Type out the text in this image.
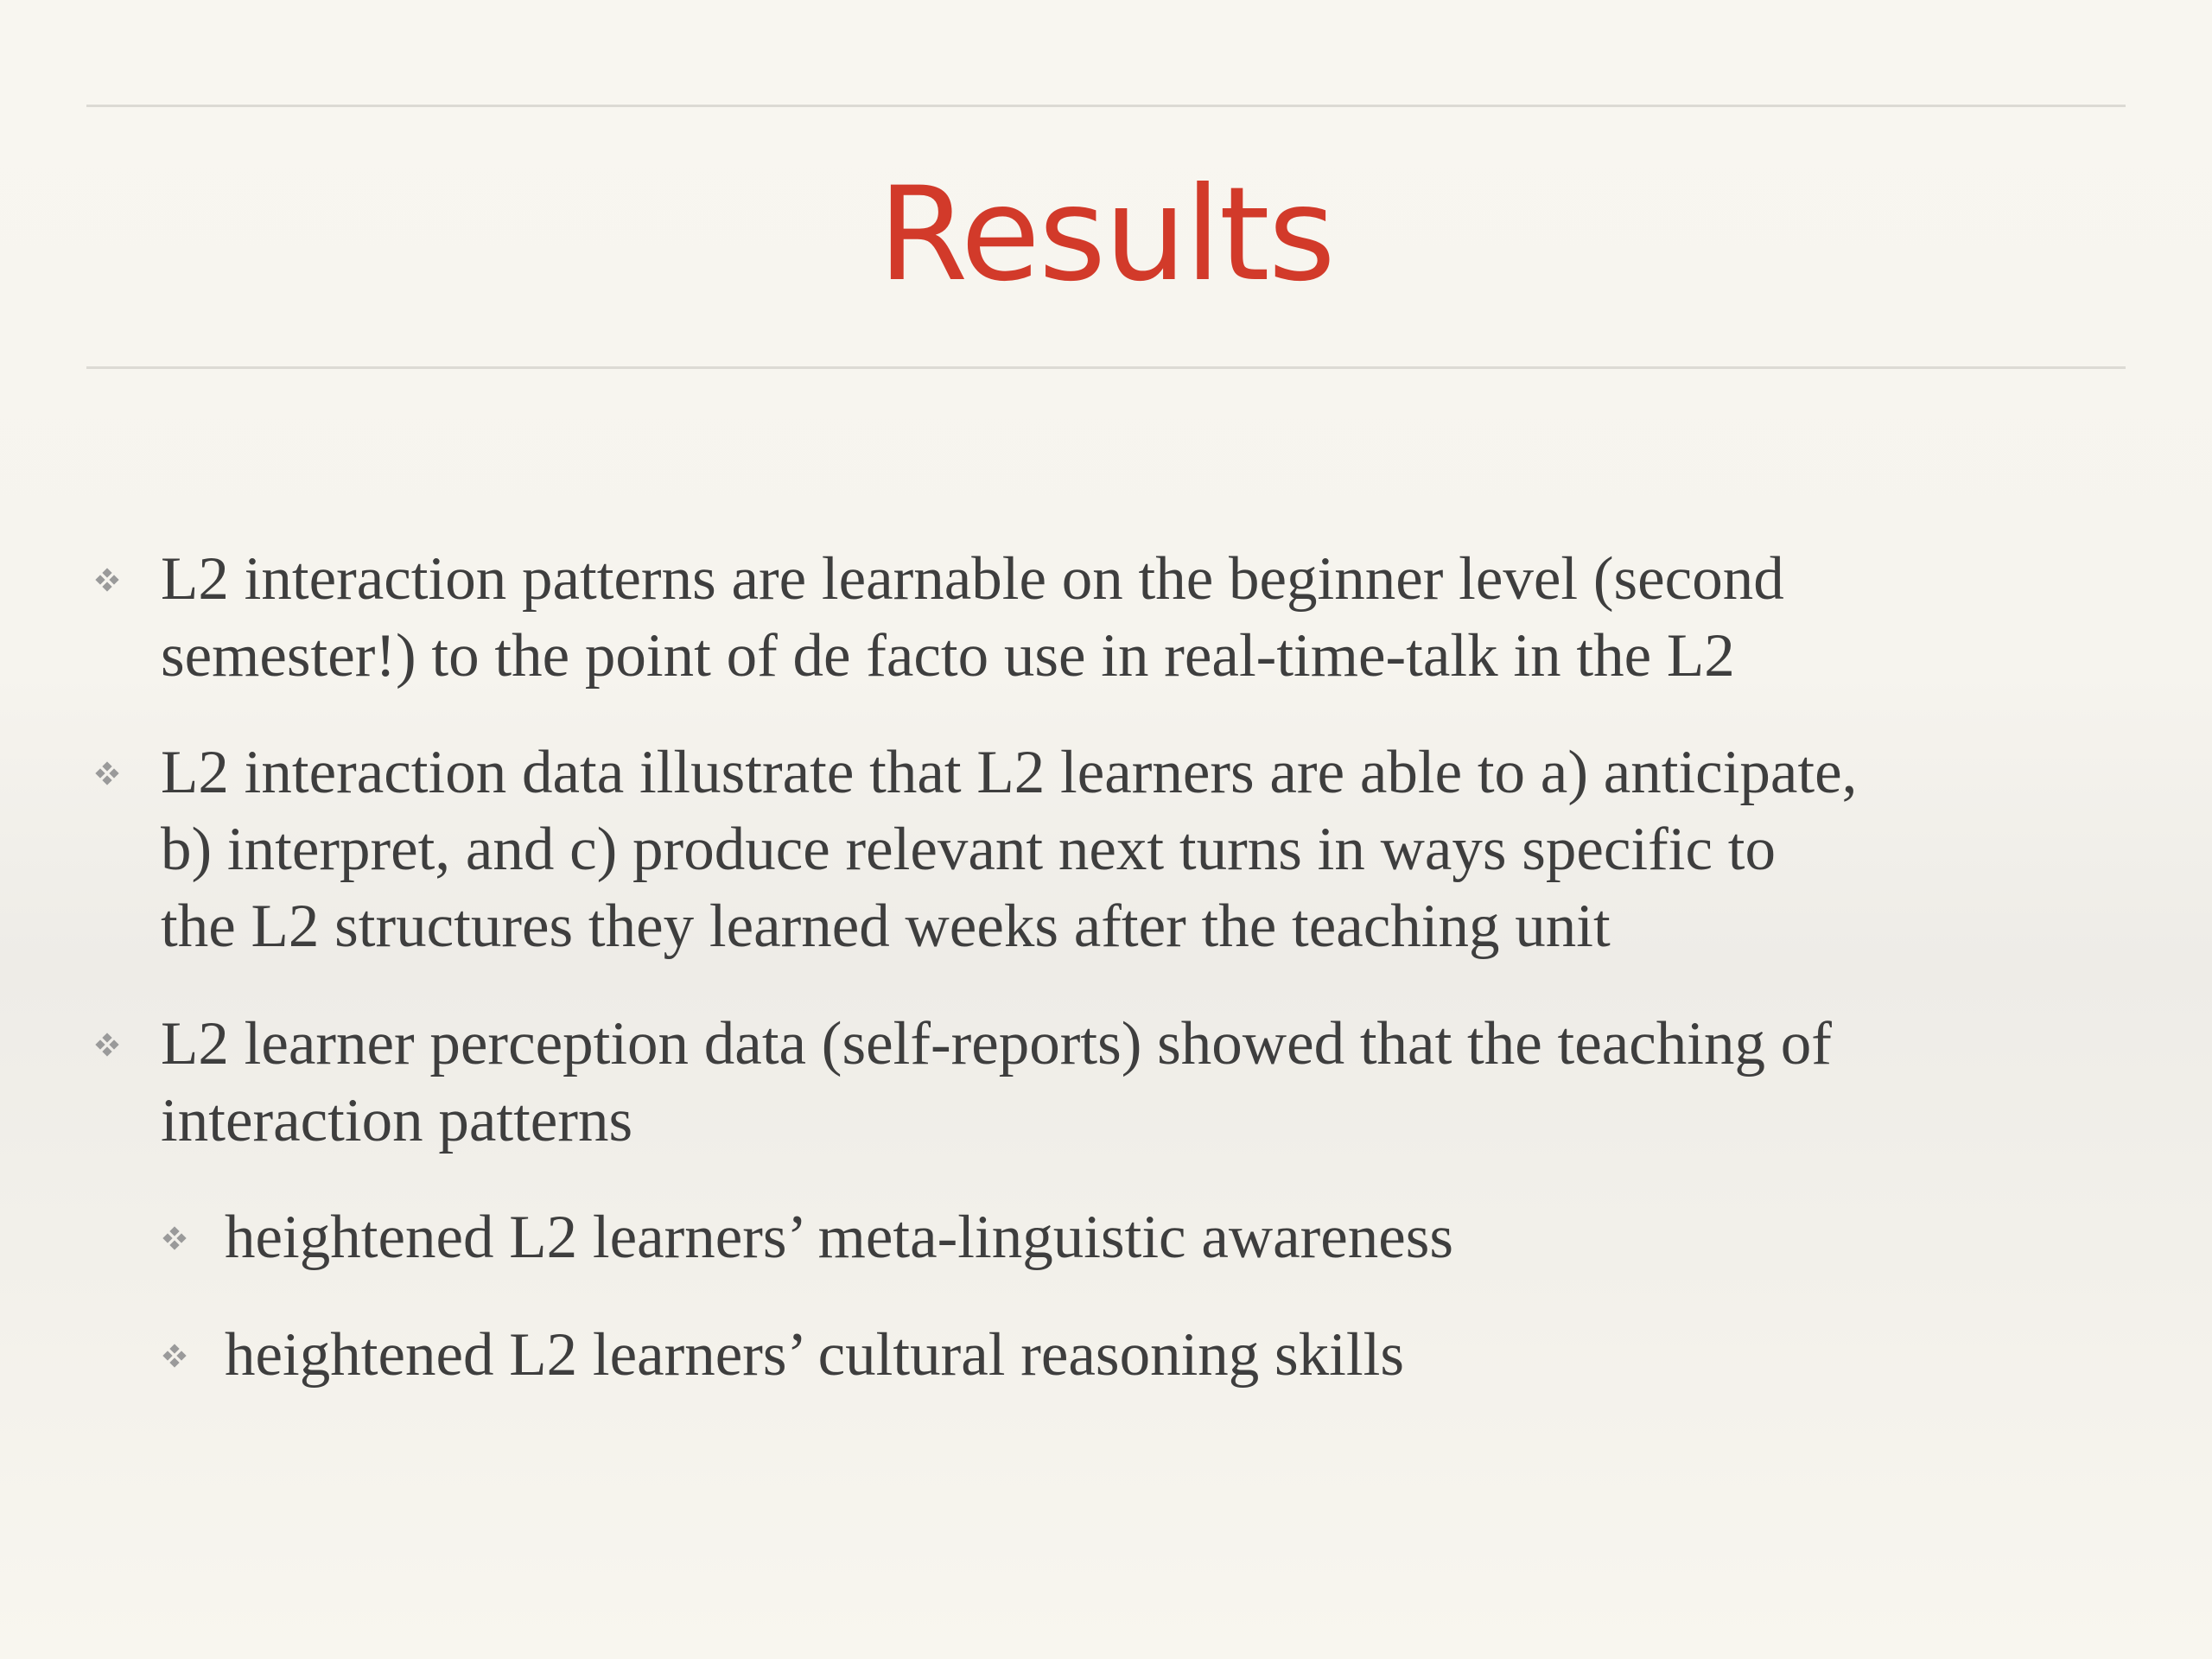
Results
L2 interaction patterns are learnable on the beginner level (second
semester!) to the point of de facto use in real-time-talk in the L2
L2 interaction data illustrate that L2 learners are able to a) anticipate,
b) interpret, and c) produce relevant next turns in ways specific to
the L2 structures they learned weeks after the teaching unit
L2 learner perception data (self-reports) showed that the teaching of
interaction patterns
heightened L2 learners’ meta-linguistic awareness
heightened L2 learners’ cultural reasoning skills
